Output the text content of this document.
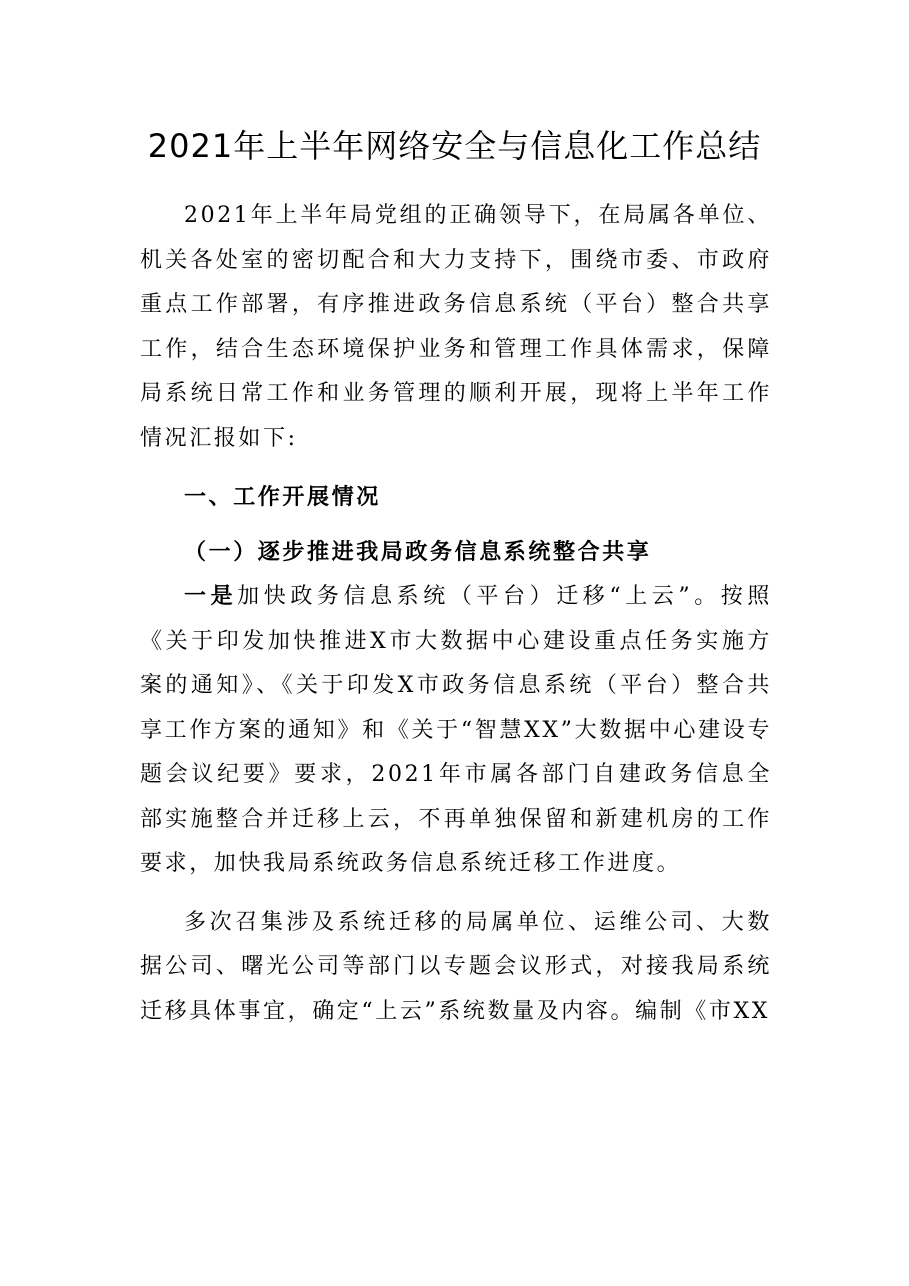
2021年上半年网络安全与信息化工作总结

2021年上半年局党组的正确领导下，在局属各单位、机关各处室的密切配合和大力支持下，围绕市委、市政府重点工作部署，有序推进政务信息系统（平台）整合共享工作，结合生态环境保护业务和管理工作具体需求，保障局系统日常工作和业务管理的顺利开展，现将上半年工作情况汇报如下:

一、工作开展情况
（一）逐步推进我局政务信息系统整合共享

一是加快政务信息系统（平台）迁移“上云”。按照《关于印发加快推进X市大数据中心建设重点任务实施方案的通知》、《关于印发X市政务信息系统（平台）整合共享工作方案的通知》和《关于“智慧XX”大数据中心建设专题会议纪要》要求，2021年市属各部门自建政务信息全部实施整合并迁移上云，不再单独保留和新建机房的工作要求，加快我局系统政务信息系统迁移工作进度。

多次召集涉及系统迁移的局属单位、运维公司、大数据公司、曙光公司等部门以专题会议形式，对接我局系统迁移具体事宜，确定“上云”系统数量及内容。编制《市XX
